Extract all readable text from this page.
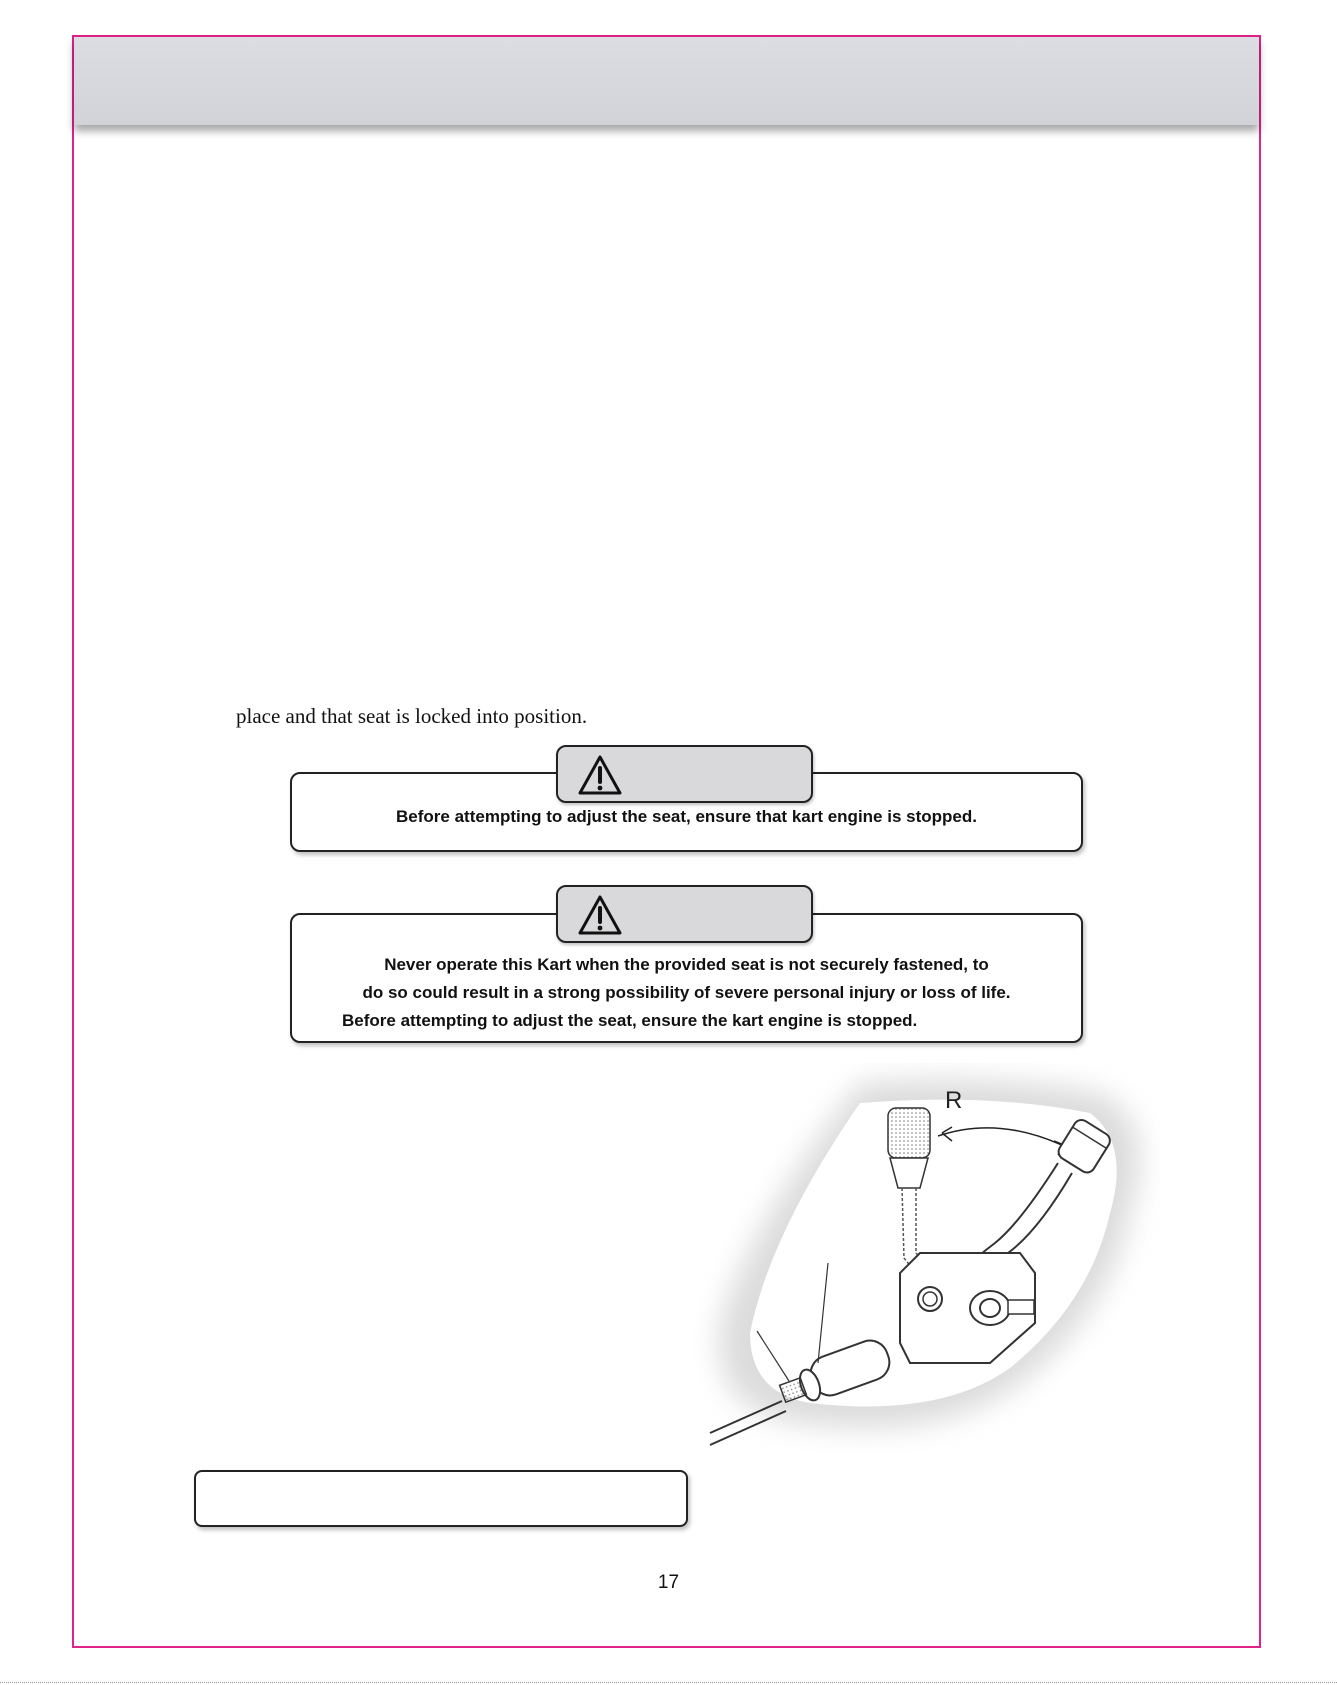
place and that seat is locked into position.

Before attempting to adjust the seat, ensure that kart engine is stopped.
Never operate this Kart when the provided seat is not securely fastened, to
do so could result in a strong possibility of severe personal injury or loss of life.
Before attempting to adjust the seat, ensure the kart engine is stopped.
R
17
